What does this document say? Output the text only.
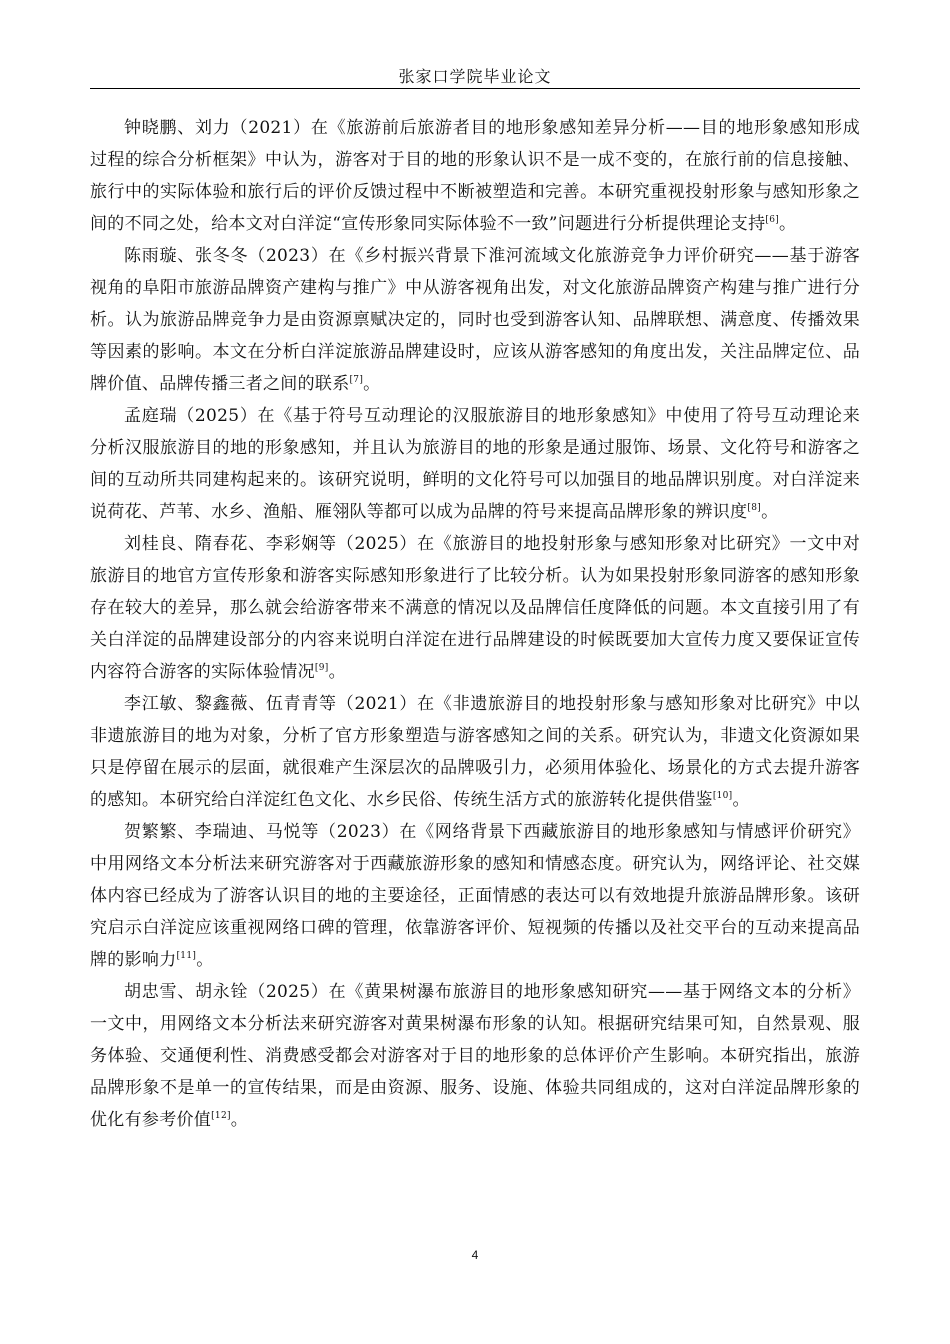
张家口学院毕业论文

钟晓鹏、刘力（2021）在《旅游前后旅游者目的地形象感知差异分析——目的地形象感知形成过程的综合分析框架》中认为，游客对于目的地的形象认识不是一成不变的，在旅行前的信息接触、旅行中的实际体验和旅行后的评价反馈过程中不断被塑造和完善。本研究重视投射形象与感知形象之间的不同之处，给本文对白洋淀“宣传形象同实际体验不一致”问题进行分析提供理论支持[6]。

陈雨璇、张冬冬（2023）在《乡村振兴背景下淮河流域文化旅游竞争力评价研究——基于游客视角的阜阳市旅游品牌资产建构与推广》中从游客视角出发，对文化旅游品牌资产构建与推广进行分析。认为旅游品牌竞争力是由资源禀赋决定的，同时也受到游客认知、品牌联想、满意度、传播效果等因素的影响。本文在分析白洋淀旅游品牌建设时，应该从游客感知的角度出发，关注品牌定位、品牌价值、品牌传播三者之间的联系[7]。

孟庭瑞（2025）在《基于符号互动理论的汉服旅游目的地形象感知》中使用了符号互动理论来分析汉服旅游目的地的形象感知，并且认为旅游目的地的形象是通过服饰、场景、文化符号和游客之间的互动所共同建构起来的。该研究说明，鲜明的文化符号可以加强目的地品牌识别度。对白洋淀来说荷花、芦苇、水乡、渔船、雁翎队等都可以成为品牌的符号来提高品牌形象的辨识度[8]。

刘桂良、隋春花、李彩娴等（2025）在《旅游目的地投射形象与感知形象对比研究》一文中对旅游目的地官方宣传形象和游客实际感知形象进行了比较分析。认为如果投射形象同游客的感知形象存在较大的差异，那么就会给游客带来不满意的情况以及品牌信任度降低的问题。本文直接引用了有关白洋淀的品牌建设部分的内容来说明白洋淀在进行品牌建设的时候既要加大宣传力度又要保证宣传内容符合游客的实际体验情况[9]。

李江敏、黎鑫薇、伍青青等（2021）在《非遗旅游目的地投射形象与感知形象对比研究》中以非遗旅游目的地为对象，分析了官方形象塑造与游客感知之间的关系。研究认为，非遗文化资源如果只是停留在展示的层面，就很难产生深层次的品牌吸引力，必须用体验化、场景化的方式去提升游客的感知。本研究给白洋淀红色文化、水乡民俗、传统生活方式的旅游转化提供借鉴[10]。

贺繁繁、李瑞迪、马悦等（2023）在《网络背景下西藏旅游目的地形象感知与情感评价研究》中用网络文本分析法来研究游客对于西藏旅游形象的感知和情感态度。研究认为，网络评论、社交媒体内容已经成为了游客认识目的地的主要途径，正面情感的表达可以有效地提升旅游品牌形象。该研究启示白洋淀应该重视网络口碑的管理，依靠游客评价、短视频的传播以及社交平台的互动来提高品牌的影响力[11]。

胡忠雪、胡永铨（2025）在《黄果树瀑布旅游目的地形象感知研究——基于网络文本的分析》一文中，用网络文本分析法来研究游客对黄果树瀑布形象的认知。根据研究结果可知，自然景观、服务体验、交通便利性、消费感受都会对游客对于目的地形象的总体评价产生影响。本研究指出，旅游品牌形象不是单一的宣传结果，而是由资源、服务、设施、体验共同组成的，这对白洋淀品牌形象的优化有参考价值[12]。

4
